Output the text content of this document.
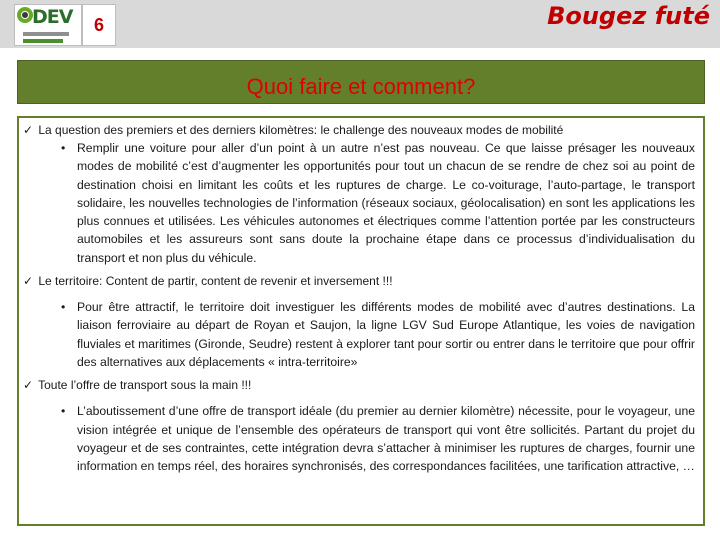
DEV	6	Bougez futé
Quoi faire et comment?

✓ La question des premiers et des derniers kilomètres: le challenge des nouveaux modes de mobilité

• Remplir une voiture pour aller d’un point à un autre n’est pas nouveau. Ce que laisse présager les nouveaux modes de mobilité c’est d’augmenter les opportunités pour tout un chacun de se rendre de chez soi au point de destination choisi en limitant les coûts et les ruptures de charge. Le co-voiturage, l’auto-partage, le transport solidaire, les nouvelles technologies de l’information (réseaux sociaux, géolocalisation) en sont les applications les plus connues et utilisées. Les véhicules autonomes et électriques comme l’attention portée par les constructeurs automobiles et les assureurs sont sans doute la prochaine étape dans ce processus d’individualisation du transport et non plus du véhicule.

✓ Le territoire: Content de partir, content de revenir et inversement !!!

• Pour être attractif, le territoire doit investiguer les différents modes de mobilité avec d’autres destinations. La liaison ferroviaire au départ de Royan et Saujon, la ligne LGV Sud Europe Atlantique, les voies de navigation fluviales et maritimes (Gironde, Seudre) restent à explorer tant pour sortir ou entrer dans le territoire que pour offrir des alternatives aux déplacements « intra-territoire»

✓ Toute l’offre de transport sous la main !!!

• L’aboutissement d’une offre de transport idéale (du premier au dernier kilomètre) nécessite, pour le voyageur, une vision intégrée et unique de l’ensemble des opérateurs de transport qui vont être sollicités. Partant du projet du voyageur et de ses contraintes, cette intégration devra s’attacher à minimiser les ruptures de charges, fournir une information en temps réel, des horaires synchronisés, des correspondances facilitées, une tarification attractive, …
